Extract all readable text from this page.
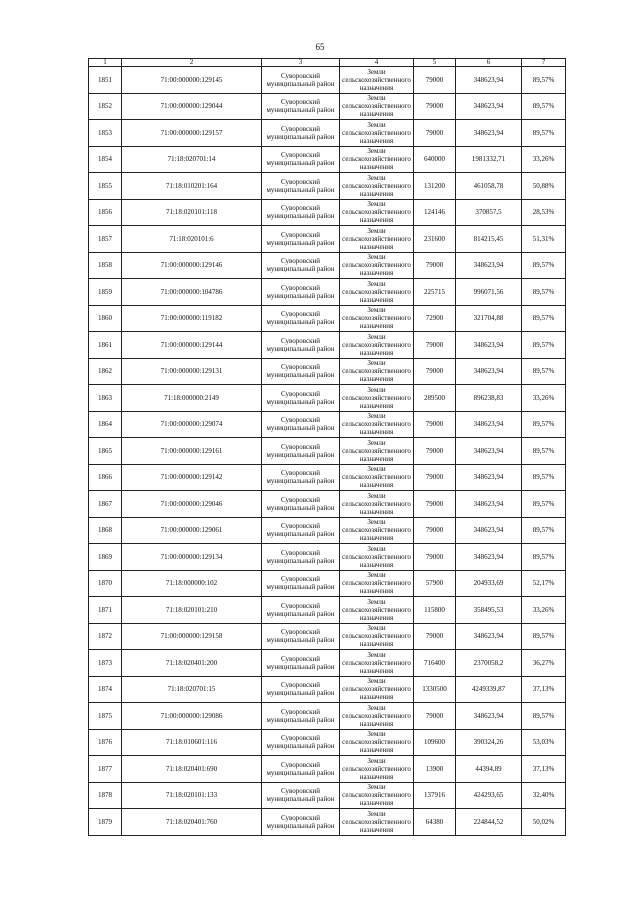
65
1	2	3	4	5	6	7

1851	71:00:000000:129145	Суворовский муниципальный район	Земли сельскохозяйственного назначения	79000	348623,94	89,57%

1852	71:00:000000:129044	Суворовский муниципальный район	Земли сельскохозяйственного назначения	79000	348623,94	89,57%

1853	71:00:000000:129157	Суворовский муниципальный район	Земли сельскохозяйственного назначения	79000	348623,94	89,57%

1854	71:18:020701:14	Суворовский муниципальный район	Земли сельскохозяйственного назначения	640000	1981332,71	33,26%

1855	71:18:010201:164	Суворовский муниципальный район	Земли сельскохозяйственного назначения	131200	461058,78	50,88%

1856	71:18:020101:118	Суворовский муниципальный район	Земли сельскохозяйственного назначения	124146	370857,5	28,53%

1857	71:18:020101:6	Суворовский муниципальный район	Земли сельскохозяйственного назначения	231600	814215,45	51,31%

1858	71:00:000000:129146	Суворовский муниципальный район	Земли сельскохозяйственного назначения	79000	348623,94	89,57%

1859	71:00:000000:104786	Суворовский муниципальный район	Земли сельскохозяйственного назначения	225715	996071,56	89,57%

1860	71:00:000000:119182	Суворовский муниципальный район	Земли сельскохозяйственного назначения	72900	321704,88	89,57%

1861	71:00:000000:129144	Суворовский муниципальный район	Земли сельскохозяйственного назначения	79000	348623,94	89,57%

1862	71:00:000000:129131	Суворовский муниципальный район	Земли сельскохозяйственного назначения	79000	348623,94	89,57%

1863	71:18:000000:2149	Суворовский муниципальный район	Земли сельскохозяйственного назначения	289500	896238,83	33,26%

1864	71:00:000000:129074	Суворовский муниципальный район	Земли сельскохозяйственного назначения	79000	348623,94	89,57%

1865	71:00:000000:129161	Суворовский муниципальный район	Земли сельскохозяйственного назначения	79000	348623,94	89,57%

1866	71:00:000000:129142	Суворовский муниципальный район	Земли сельскохозяйственного назначения	79000	348623,94	89,57%

1867	71:00:000000:129046	Суворовский муниципальный район	Земли сельскохозяйственного назначения	79000	348623,94	89,57%

1868	71:00:000000:129061	Суворовский муниципальный район	Земли сельскохозяйственного назначения	79000	348623,94	89,57%

1869	71:00:000000:129134	Суворовский муниципальный район	Земли сельскохозяйственного назначения	79000	348623,94	89,57%

1870	71:18:000000:102	Суворовский муниципальный район	Земли сельскохозяйственного назначения	57900	204933,69	52,17%

1871	71:18:020101:210	Суворовский муниципальный район	Земли сельскохозяйственного назначения	115800	358495,53	33,26%

1872	71:00:000000:129158	Суворовский муниципальный район	Земли сельскохозяйственного назначения	79000	348623,94	89,57%

1873	71:18:020401:200	Суворовский муниципальный район	Земли сельскохозяйственного назначения	716400	2370058,2	36,27%

1874	71:18:020701:15	Суворовский муниципальный район	Земли сельскохозяйственного назначения	1330500	4249339,87	37,13%

1875	71:00:000000:129086	Суворовский муниципальный район	Земли сельскохозяйственного назначения	79000	348623,94	89,57%

1876	71:18:010601:116	Суворовский муниципальный район	Земли сельскохозяйственного назначения	109600	390324,26	53,03%

1877	71:18:020401:690	Суворовский муниципальный район	Земли сельскохозяйственного назначения	13900	44394,89	37,13%

1878	71:18:020101:133	Суворовский муниципальный район	Земли сельскохозяйственного назначения	137916	424293,65	32,40%

1879	71:18:020401:760	Суворовский муниципальный район	Земли сельскохозяйственного назначения	64380	224844,52	50,02%
